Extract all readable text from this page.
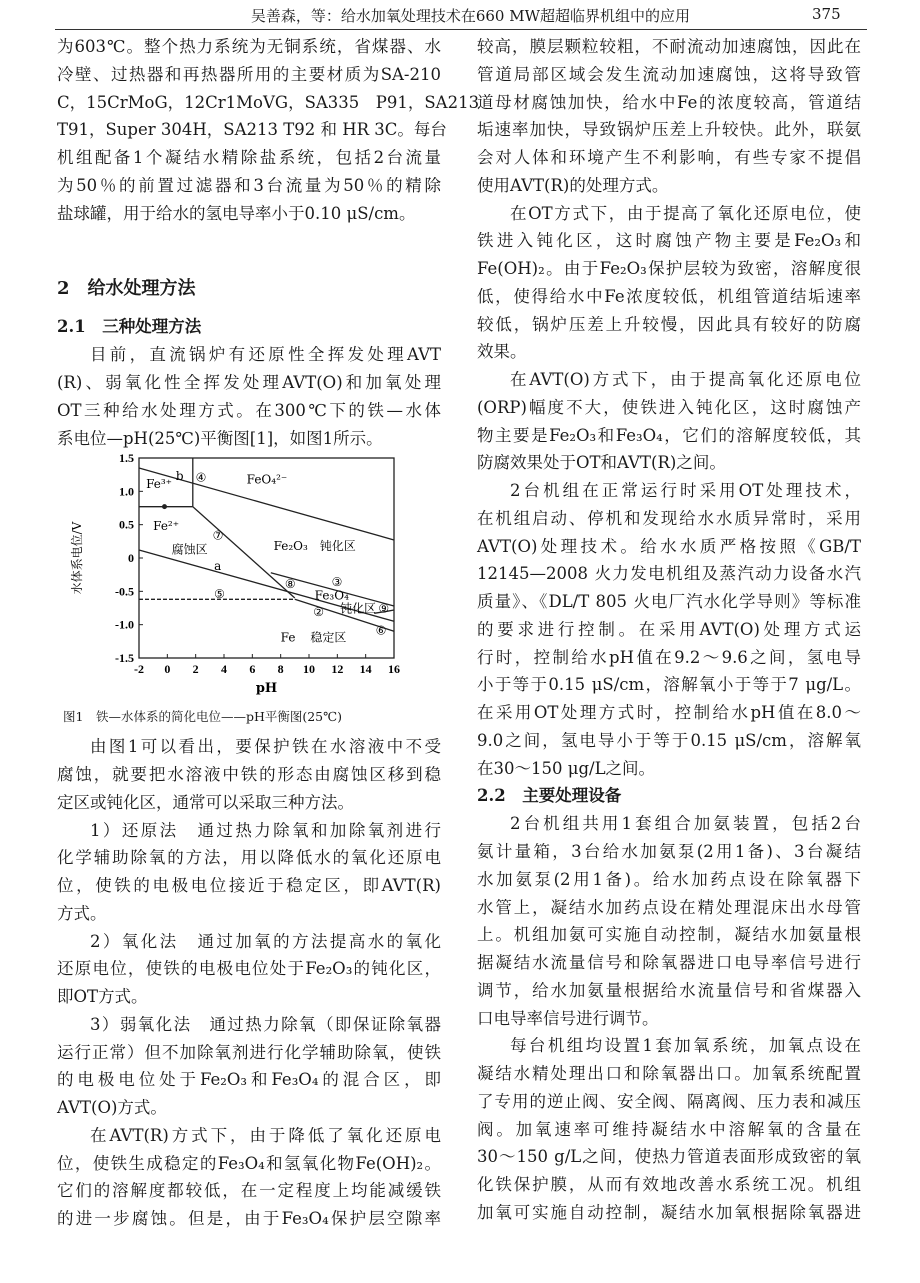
吴善森，等：给水加氧处理技术在660 MW超超临界机组中的应用	375
为603℃。整个热力系统为无铜系统，省煤器、水
冷壁、过热器和再热器所用的主要材质为SA-210
C，15CrMoG，12Cr1MoVG，SA335　P91，SA213
T91，Super 304H，SA213 T92 和 HR 3C。每台
机组配备1个凝结水精除盐系统，包括2台流量
为50％的前置过滤器和3台流量为50％的精除
盐球罐，用于给水的氢电导率小于0.10 μS/cm。
2　给水处理方法
2.1　三种处理方法
目前，直流锅炉有还原性全挥发处理AVT
(R)、弱氧化性全挥发处理AVT(O)和加氧处理
OT三种给水处理方式。在300℃下的铁—水体
系电位—pH(25℃)平衡图[1]，如图1所示。
-2 0 2 4 6 8 10 12 14 16
1.5
1.0
0.5
0
-0.5
-1.0
-1.5
Fe³⁺
b ④	FeO₄²⁻
Fe²⁺
⑦
腐蚀区	Fe₂O₃　钝化区
a
⑧	③
⑤	Fe₃O₄
钝化区 ⑨
②
Fe 稳定区 ⑥
pH
水体系电位/V
图1　铁—水体系的简化电位——pH平衡图(25℃)
由图1可以看出，要保护铁在水溶液中不受
腐蚀，就要把水溶液中铁的形态由腐蚀区移到稳
定区或钝化区，通常可以采取三种方法。
1）还原法　通过热力除氧和加除氧剂进行
化学辅助除氧的方法，用以降低水的氧化还原电
位，使铁的电极电位接近于稳定区，即AVT(R)
方式。
2）氧化法　通过加氧的方法提高水的氧化
还原电位，使铁的电极电位处于Fe₂O₃的钝化区，
即OT方式。
3）弱氧化法　通过热力除氧（即保证除氧器
运行正常）但不加除氧剂进行化学辅助除氧，使铁
的电极电位处于Fe₂O₃和Fe₃O₄的混合区，即
AVT(O)方式。
在AVT(R)方式下，由于降低了氧化还原电
位，使铁生成稳定的Fe₃O₄和氢氧化物Fe(OH)₂。
它们的溶解度都较低，在一定程度上均能减缓铁
的进一步腐蚀。但是，由于Fe₃O₄保护层空隙率
较高，膜层颗粒较粗，不耐流动加速腐蚀，因此在
管道局部区域会发生流动加速腐蚀，这将导致管
道母材腐蚀加快，给水中Fe的浓度较高，管道结
垢速率加快，导致锅炉压差上升较快。此外，联氨
会对人体和环境产生不利影响，有些专家不提倡
使用AVT(R)的处理方式。
在OT方式下，由于提高了氧化还原电位，使
铁进入钝化区，这时腐蚀产物主要是Fe₂O₃和
Fe(OH)₂。由于Fe₂O₃保护层较为致密，溶解度很
低，使得给水中Fe浓度较低，机组管道结垢速率
较低，锅炉压差上升较慢，因此具有较好的防腐
效果。
在AVT(O)方式下，由于提高氧化还原电位
(ORP)幅度不大，使铁进入钝化区，这时腐蚀产
物主要是Fe₂O₃和Fe₃O₄，它们的溶解度较低，其
防腐效果处于OT和AVT(R)之间。
2台机组在正常运行时采用OT处理技术，
在机组启动、停机和发现给水水质异常时，采用
AVT(O)处理技术。给水水质严格按照《GB/T
12145—2008 火力发电机组及蒸汽动力设备水汽
质量》、《DL/T 805 火电厂汽水化学导则》等标准
的要求进行控制。在采用AVT(O)处理方式运
行时，控制给水pH值在9.2～9.6之间，氢电导
小于等于0.15 μS/cm，溶解氧小于等于7 μg/L。
在采用OT处理方式时，控制给水pH值在8.0～
9.0之间，氢电导小于等于0.15 μS/cm，溶解氧
在30～150 μg/L之间。
2.2　主要处理设备
2台机组共用1套组合加氨装置，包括2台
氨计量箱，3台给水加氨泵(2用1备)、3台凝结
水加氨泵(2用1备)。给水加药点设在除氧器下
水管上，凝结水加药点设在精处理混床出水母管
上。机组加氨可实施自动控制，凝结水加氨量根
据凝结水流量信号和除氧器进口电导率信号进行
调节，给水加氨量根据给水流量信号和省煤器入
口电导率信号进行调节。
每台机组均设置1套加氧系统，加氧点设在
凝结水精处理出口和除氧器出口。加氧系统配置
了专用的逆止阀、安全阀、隔离阀、压力表和减压
阀。加氧速率可维持凝结水中溶解氧的含量在
30～150 g/L之间，使热力管道表面形成致密的氧
化铁保护膜，从而有效地改善水系统工况。机组
加氧可实施自动控制，凝结水加氧根据除氧器进
